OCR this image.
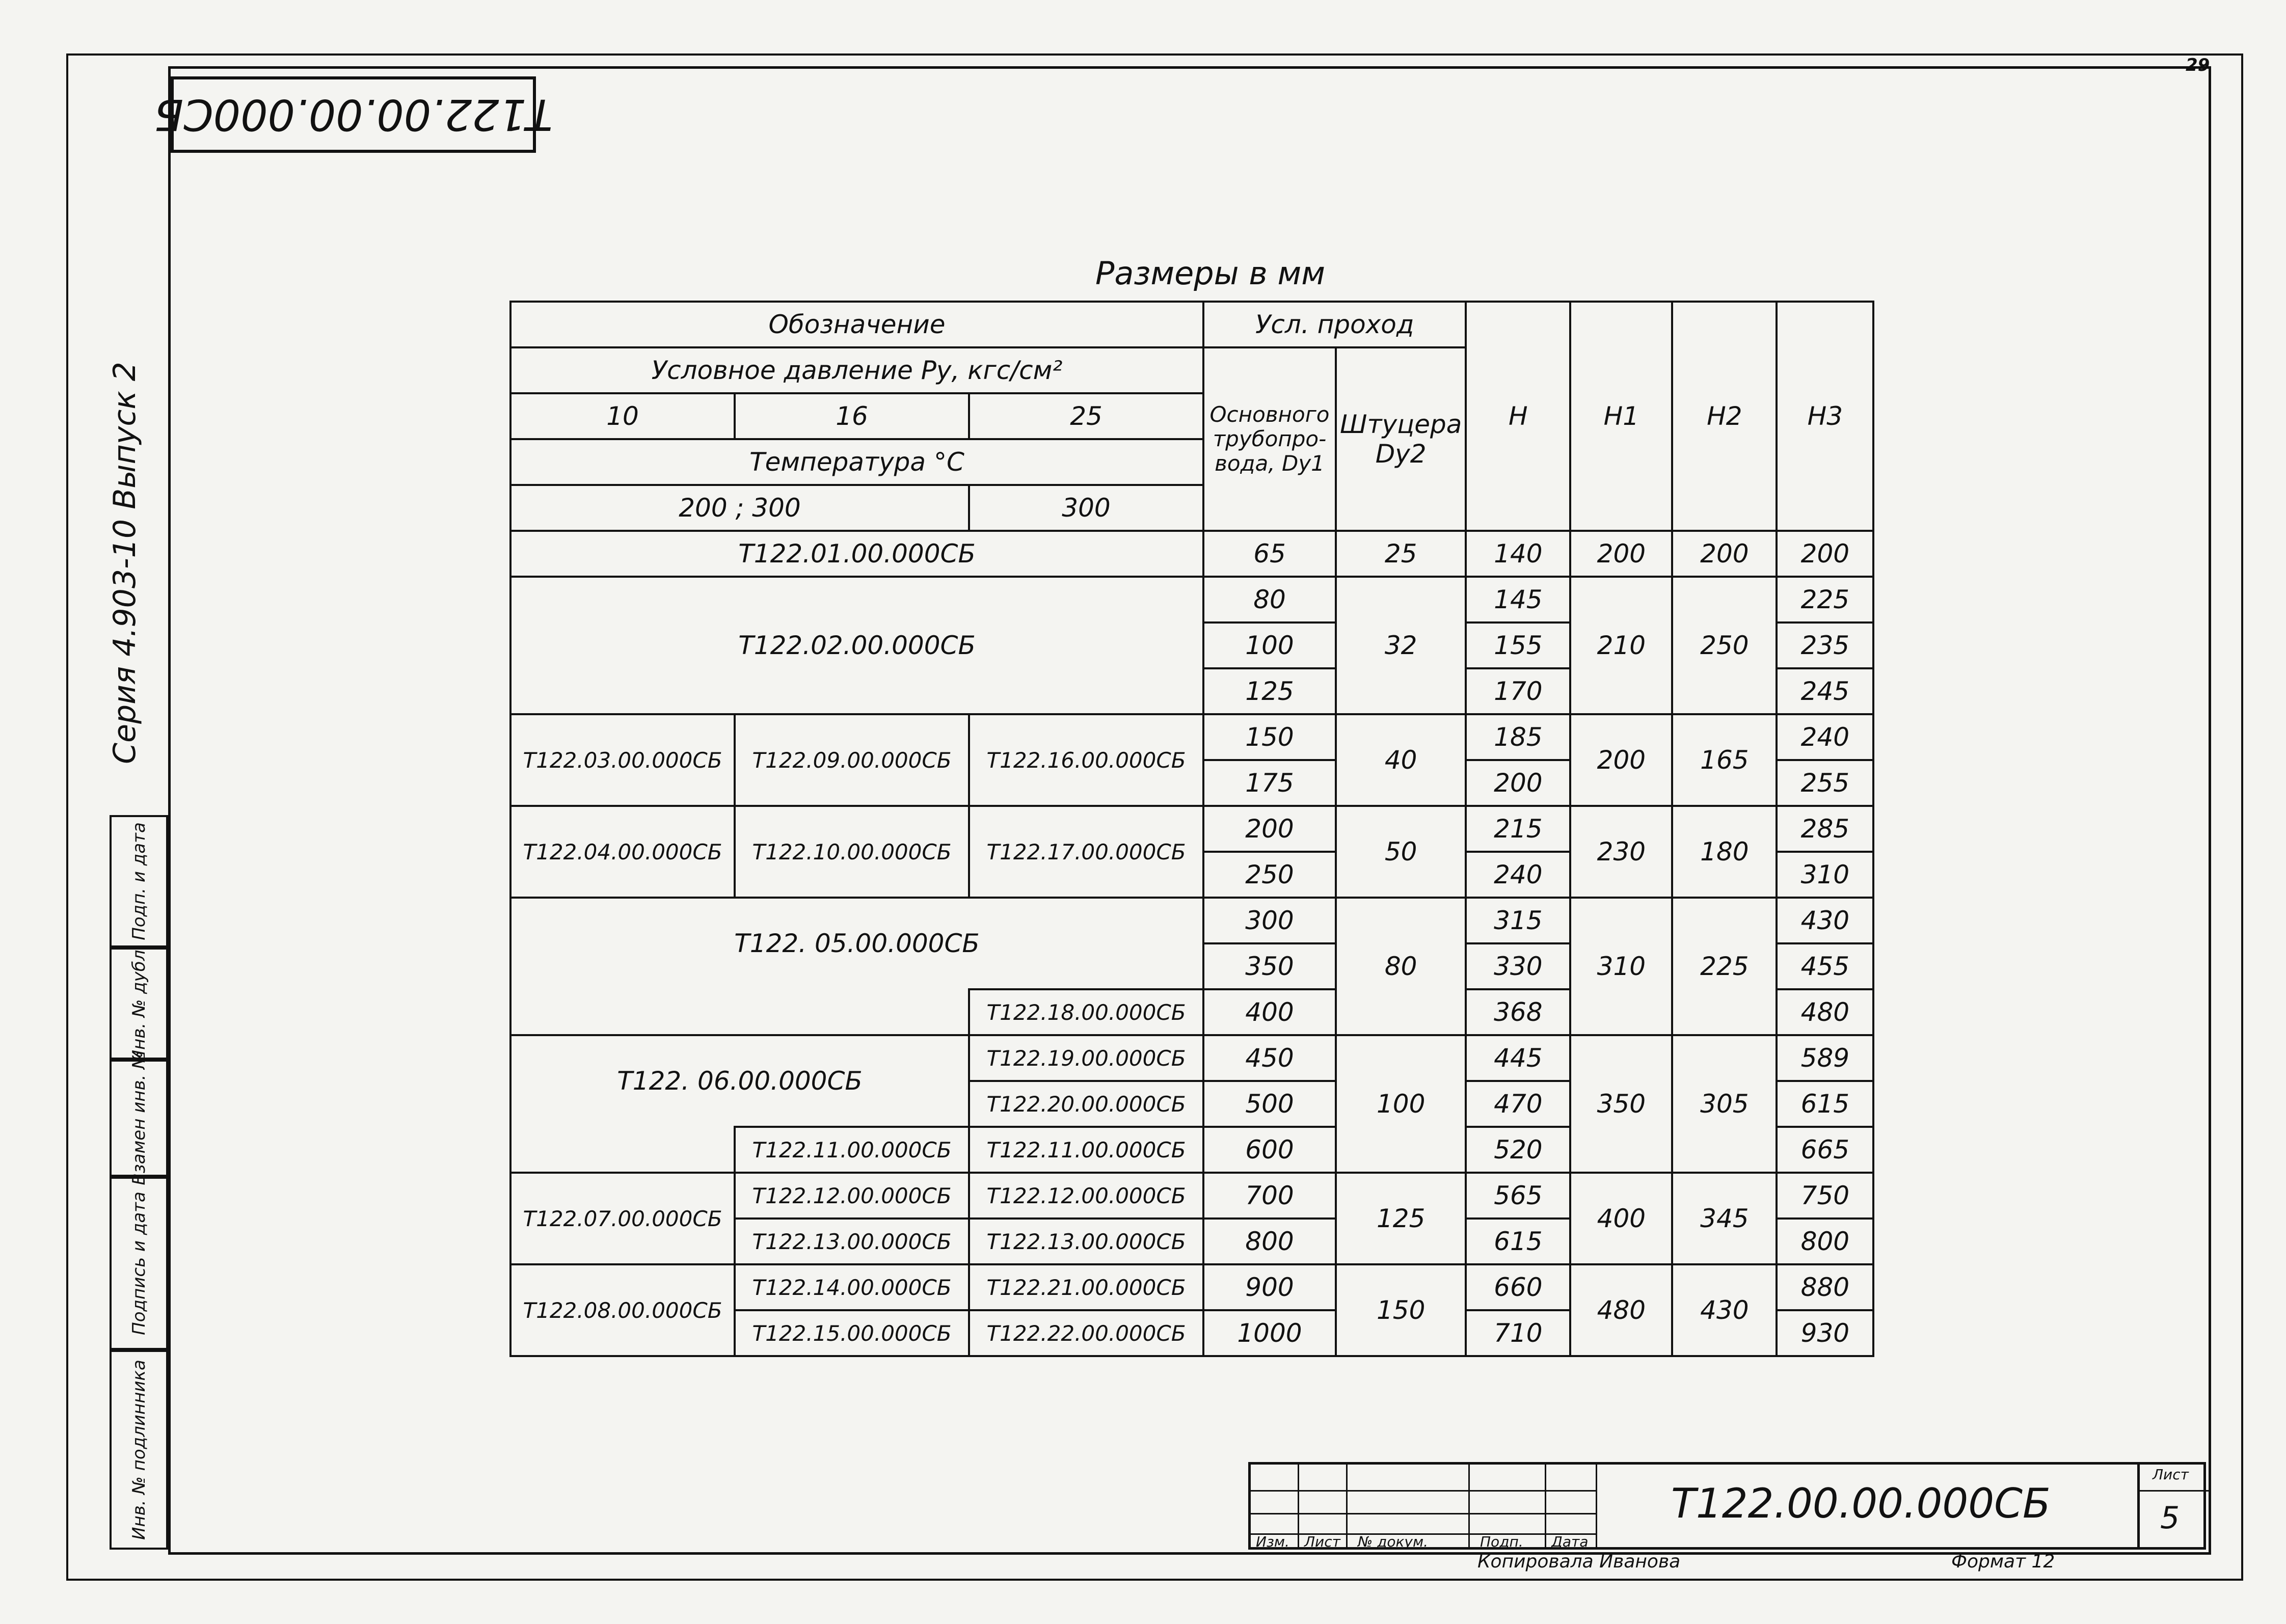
29
T122.00.00.000СБ
Серия 4.903-10 Выпуск 2
Инв. № подлинника
Подпись и дата
Взамен инв. №
Инв. № дубл.
Подп. и дата
Размеры в мм
Обозначение			Усл. проход		H	H1	H2	H3
Условное давление Ру, кгс/см²			Основного трубопро-вода, Dу1	Штуцера Dу2				
10	16	25						
Температура °С								
200 ; 300		300						
T122.01.00.000СБ			65	25	140	200	200	200
T122.02.00.000СБ			80	32	145	210	250	225
			100		155			235
			125		170			245
T122.03.00.000СБ	T122.09.00.000СБ	T122.16.00.000СБ	150	40	185	200	165	240
			175		200			255
T122.04.00.000СБ	T122.10.00.000СБ	T122.17.00.000СБ	200	50	215	230	180	285
			250		240			310
T122. 05.00.000СБ			300	80	315	310	225	430
			350		330			455
		T122.18.00.000СБ	400		368			480
T122. 06.00.000СБ		T122.19.00.000СБ	450	100	445	350	305	589
		T122.20.00.000СБ	500		470			615
	T122.11.00.000СБ	T122.11.00.000СБ	600		520			665
T122.07.00.000СБ	T122.12.00.000СБ	T122.12.00.000СБ	700	125	565	400	345	750
	T122.13.00.000СБ	T122.13.00.000СБ	800		615			800
T122.08.00.000СБ	T122.14.00.000СБ	T122.21.00.000СБ	900	150	660	480	430	880
	T122.15.00.000СБ	T122.22.00.000СБ	1000		710			930
Изм. Лист № докум.	Подп. Дата
Лист
5
T122.00.00.000СБ
Копировала Иванова	Формат 12
